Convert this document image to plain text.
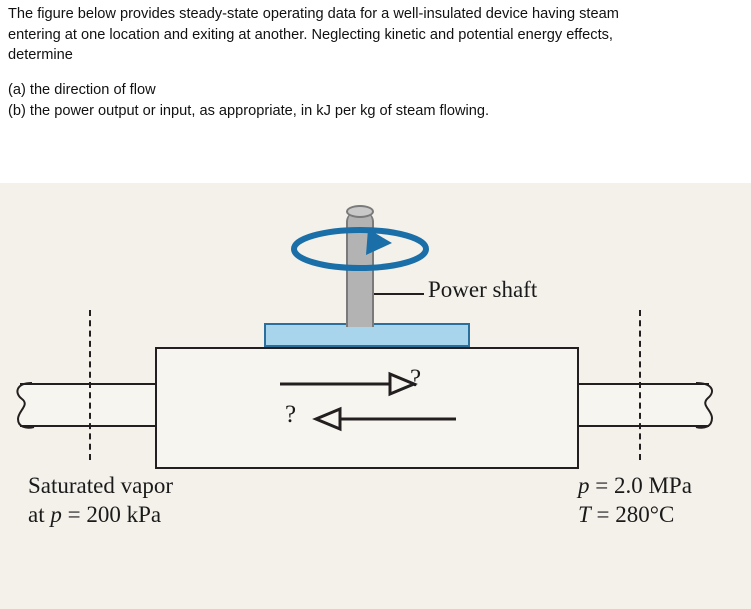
The figure below provides steady-state operating data for a well-insulated device having steam

entering at one location and exiting at another. Neglecting kinetic and potential energy effects,

determine

(a) the direction of flow

(b) the power output or input, as appropriate, in kJ per kg of steam flowing.

Power shaft
?
?
Saturated vapor
at p = 200 kPa
p = 2.0 MPa
T = 280°C
